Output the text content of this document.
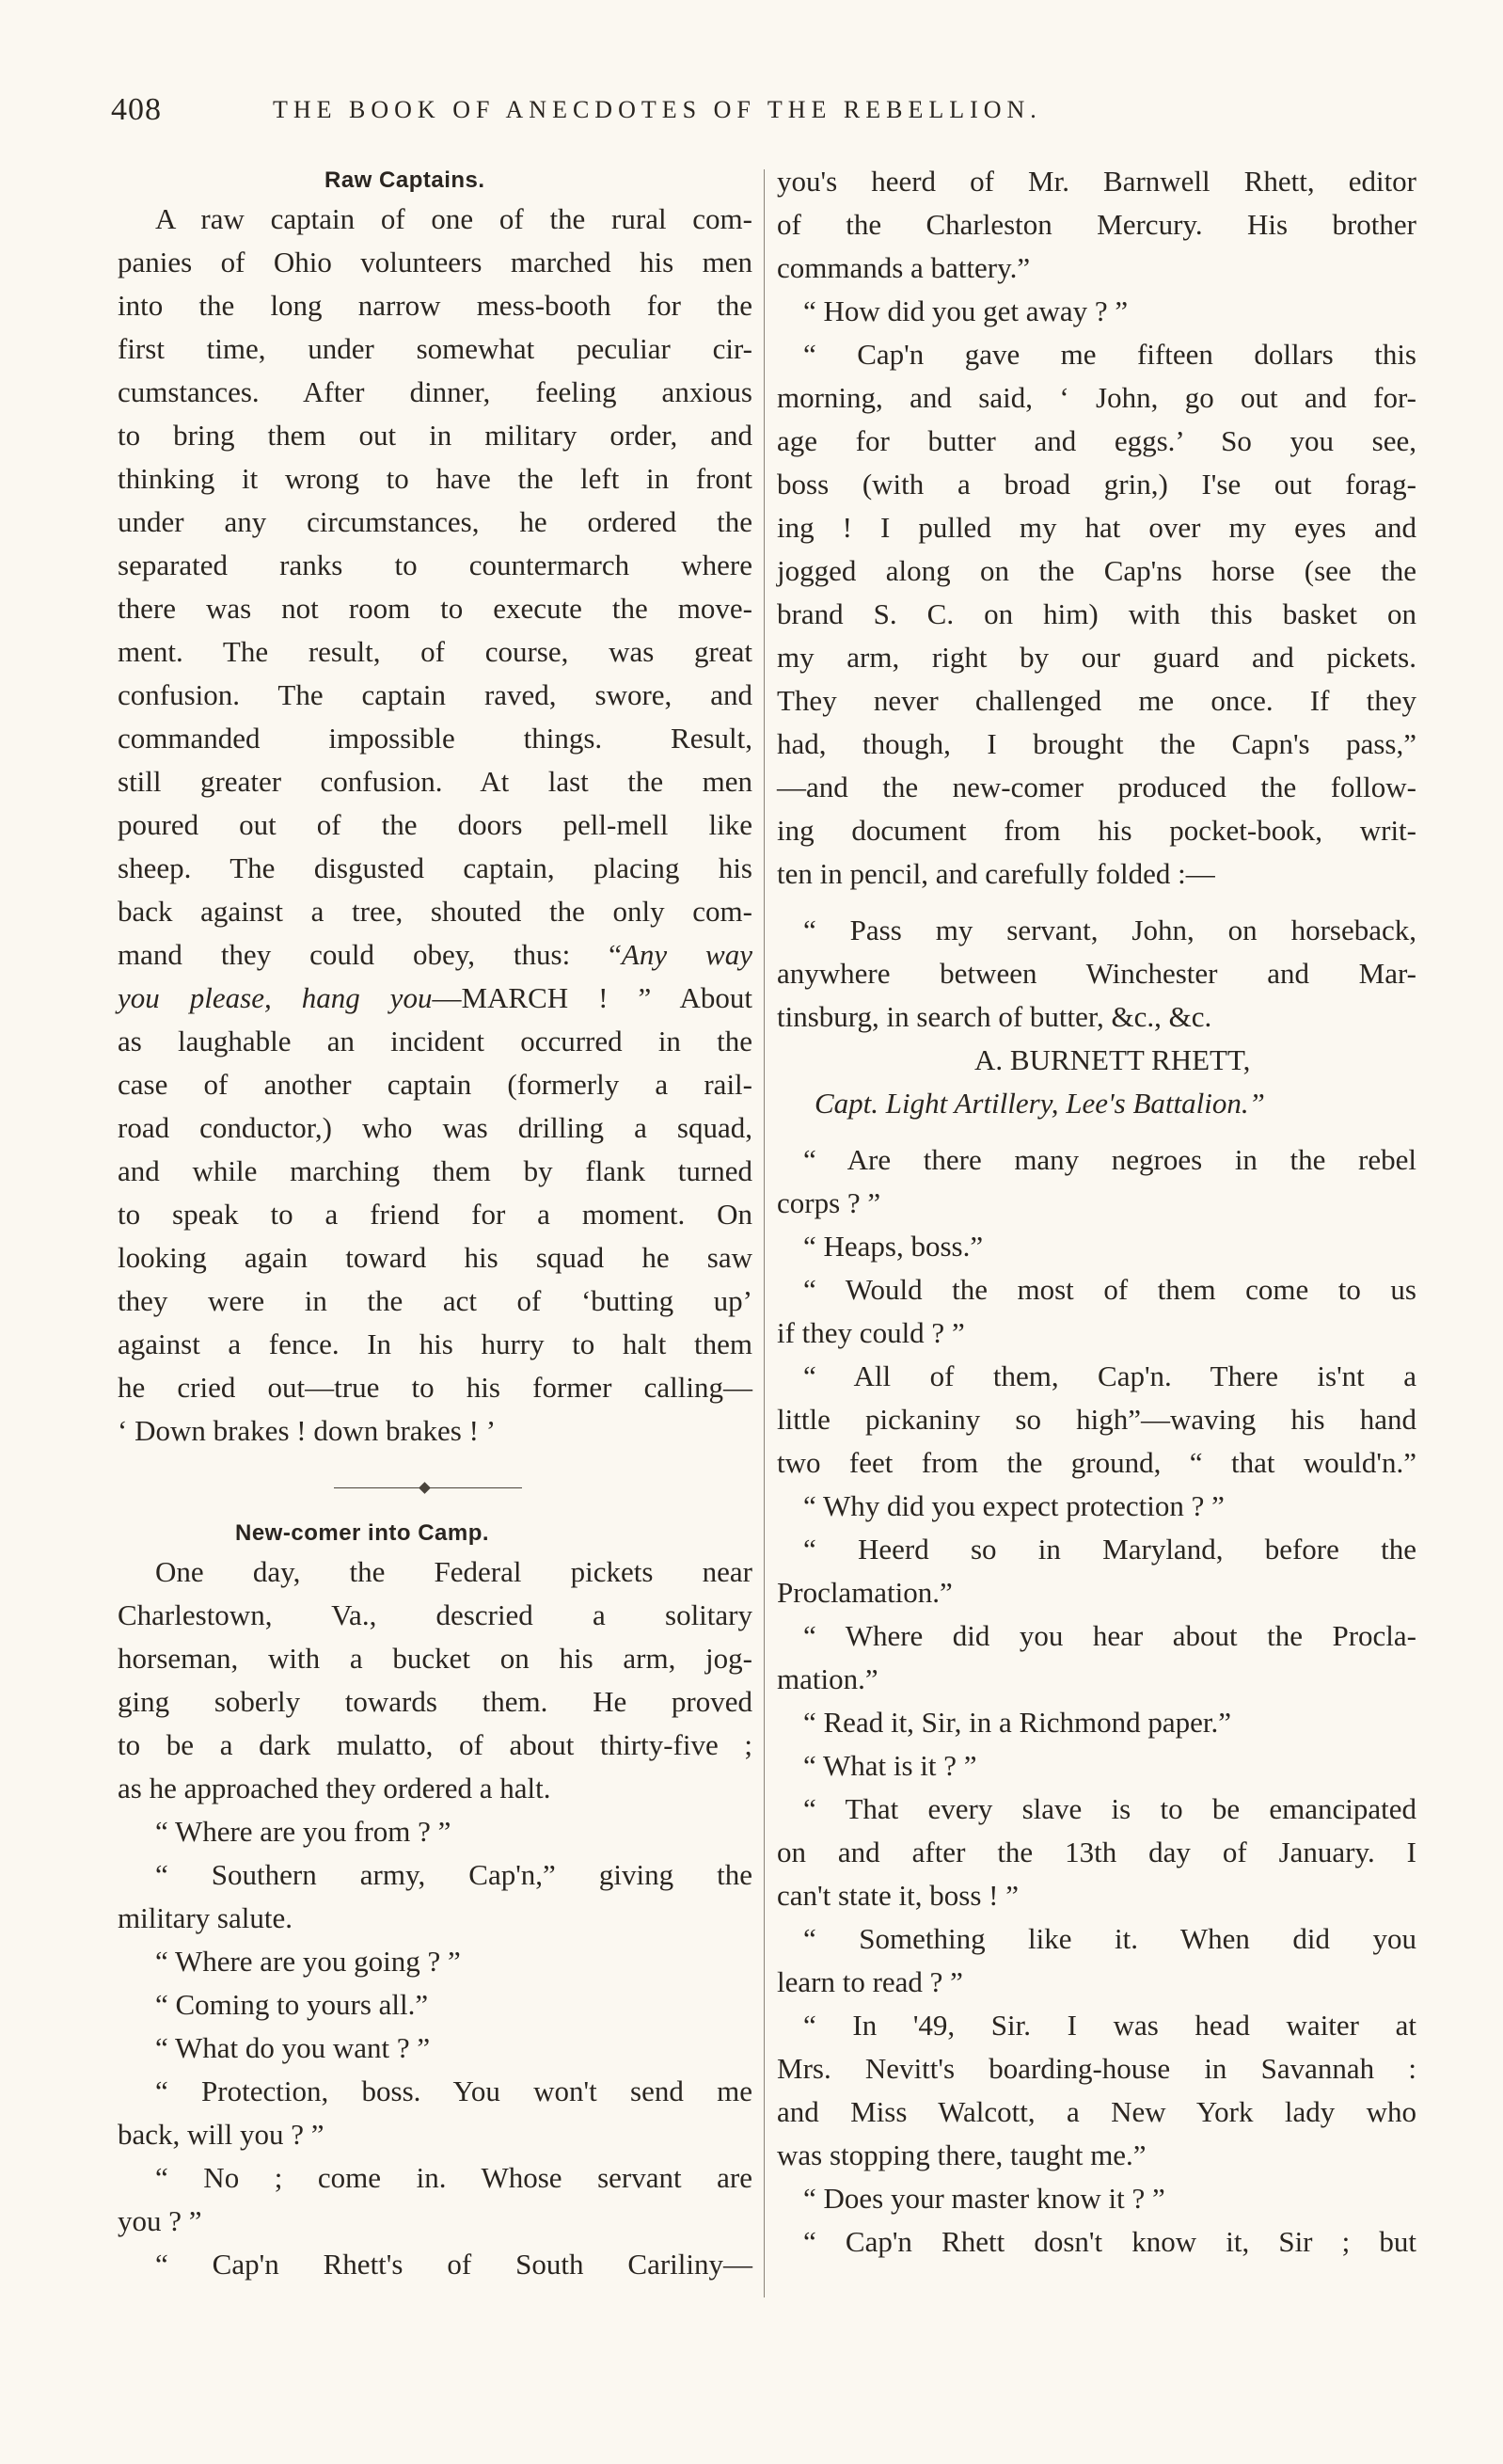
408	THE BOOK OF ANECDOTES OF THE REBELLION.
Raw Captains.
A raw captain of one of the rural com-
panies of Ohio volunteers marched his men
into the long narrow mess-booth for the
first time, under somewhat peculiar cir-
cumstances. After dinner, feeling anxious
to bring them out in military order, and
thinking it wrong to have the left in front
under any circumstances, he ordered the
separated ranks to countermarch where
there was not room to execute the move-
ment. The result, of course, was great
confusion. The captain raved, swore, and
commanded impossible things. Result,
still greater confusion. At last the men
poured out of the doors pell-mell like
sheep. The disgusted captain, placing his
back against a tree, shouted the only com-
mand they could obey, thus: “Any way
you please, hang you—MARCH ! ” About
as laughable an incident occurred in the
case of another captain (formerly a rail-
road conductor,) who was drilling a squad,
and while marching them by flank turned
to speak to a friend for a moment. On
looking again toward his squad he saw
they were in the act of ‘butting up’
against a fence. In his hurry to halt them
he cried out—true to his former calling—
‘ Down brakes ! down brakes ! ’
New-comer into Camp.
One day, the Federal pickets near
Charlestown, Va., descried a solitary
horseman, with a bucket on his arm, jog-
ging soberly towards them. He proved
to be a dark mulatto, of about thirty-five ;
as he approached they ordered a halt.
“ Where are you from ? ”
“ Southern army, Cap'n,” giving the
military salute.
“ Where are you going ? ”
“ Coming to yours all.”
“ What do you want ? ”
“ Protection, boss. You won't send me
back, will you ? ”
“ No ; come in. Whose servant are
you ? ”
“ Cap'n Rhett's of South Cariliny—
you's heerd of Mr. Barnwell Rhett, editor
of the Charleston Mercury. His brother
commands a battery.”
“ How did you get away ? ”
“ Cap'n gave me fifteen dollars this
morning, and said, ‘ John, go out and for-
age for butter and eggs.’ So you see,
boss (with a broad grin,) I'se out forag-
ing ! I pulled my hat over my eyes and
jogged along on the Cap'ns horse (see the
brand S. C. on him) with this basket on
my arm, right by our guard and pickets.
They never challenged me once. If they
had, though, I brought the Capn's pass,”
—and the new-comer produced the follow-
ing document from his pocket-book, writ-
ten in pencil, and carefully folded :—
“ Pass my servant, John, on horseback,
anywhere between Winchester and Mar-
tinsburg, in search of butter, &c., &c.
A. BURNETT RHETT,
Capt. Light Artillery, Lee's Battalion.”
“ Are there many negroes in the rebel
corps ? ”
“ Heaps, boss.”
“ Would the most of them come to us
if they could ? ”
“ All of them, Cap'n. There is'nt a
little pickaniny so high”—waving his hand
two feet from the ground, “ that would'n.”
“ Why did you expect protection ? ”
“ Heerd so in Maryland, before the
Proclamation.”
“ Where did you hear about the Procla-
mation.”
“ Read it, Sir, in a Richmond paper.”
“ What is it ? ”
“ That every slave is to be emancipated
on and after the 13th day of January. I
can't state it, boss ! ”
“ Something like it. When did you
learn to read ? ”
“ In '49, Sir. I was head waiter at
Mrs. Nevitt's boarding-house in Savannah :
and Miss Walcott, a New York lady who
was stopping there, taught me.”
“ Does your master know it ? ”
“ Cap'n Rhett dosn't know it, Sir ; but
